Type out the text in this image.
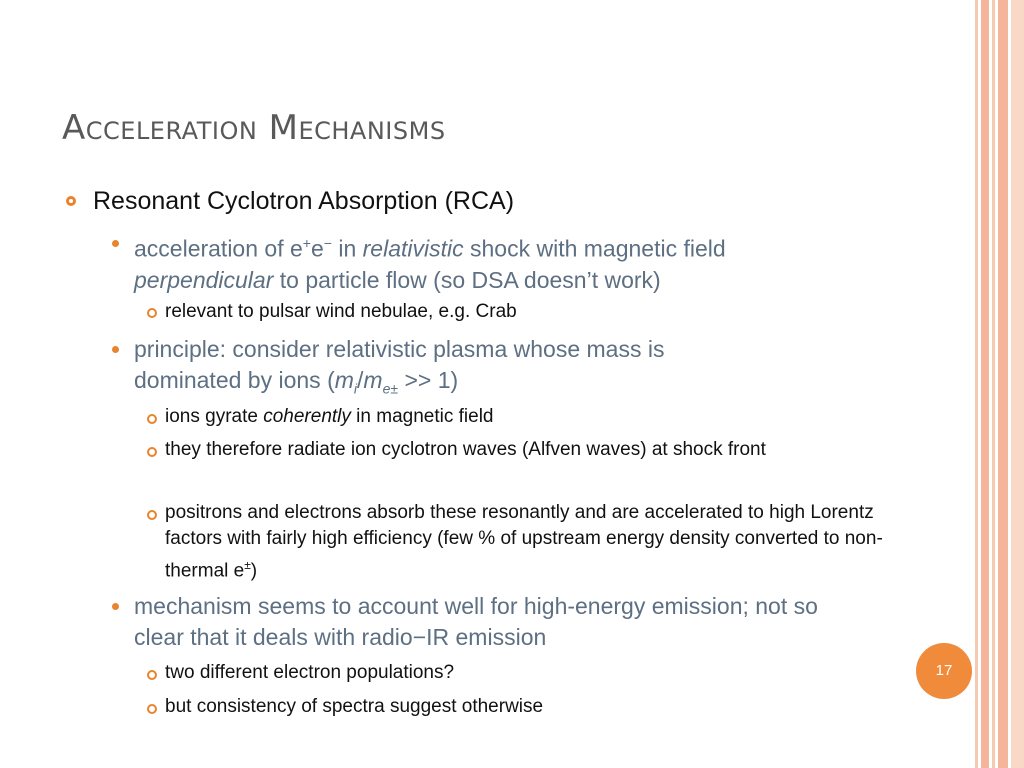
Acceleration Mechanisms
Resonant Cyclotron Absorption (RCA)
acceleration of e+e− in relativistic shock with magnetic field
perpendicular to particle flow (so DSA doesn’t work)
relevant to pulsar wind nebulae, e.g. Crab
principle: consider relativistic plasma whose mass is
dominated by ions $(m_i/m_{e\pm} >> 1)$
ions gyrate coherently in magnetic field
they therefore radiate ion cyclotron waves (Alfven waves) at shock front
positrons and electrons absorb these resonantly and are accelerated to high Lorentz factors with fairly high efficiency (few % of upstream energy density converted to non-thermal e±)
mechanism seems to account well for high-energy emission; not so clear that it deals with radio−IR emission
two different electron populations?
but consistency of spectra suggest otherwise
17
